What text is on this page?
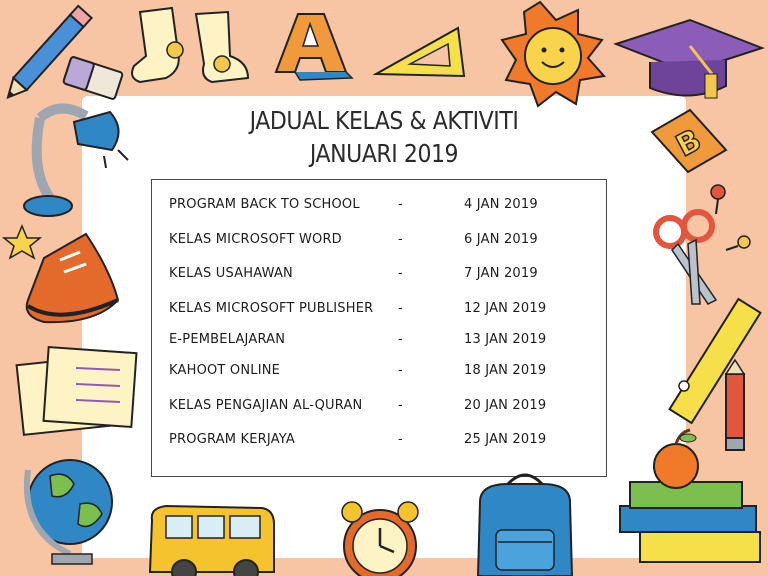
JADUAL KELAS & AKTIVITI
JANUARI 2019
PROGRAM BACK TO SCHOOL	-	4 JAN 2019
KELAS MICROSOFT WORD	-	6 JAN 2019
KELAS USAHAWAN	-	7 JAN 2019
KELAS MICROSOFT PUBLISHER -	12 JAN 2019
E-PEMBELAJARAN	-	13 JAN 2019
KAHOOT ONLINE	-	18 JAN 2019
KELAS PENGAJIAN AL-QURAN	-	20 JAN 2019
PROGRAM KERJAYA	-	25 JAN 2019
B
